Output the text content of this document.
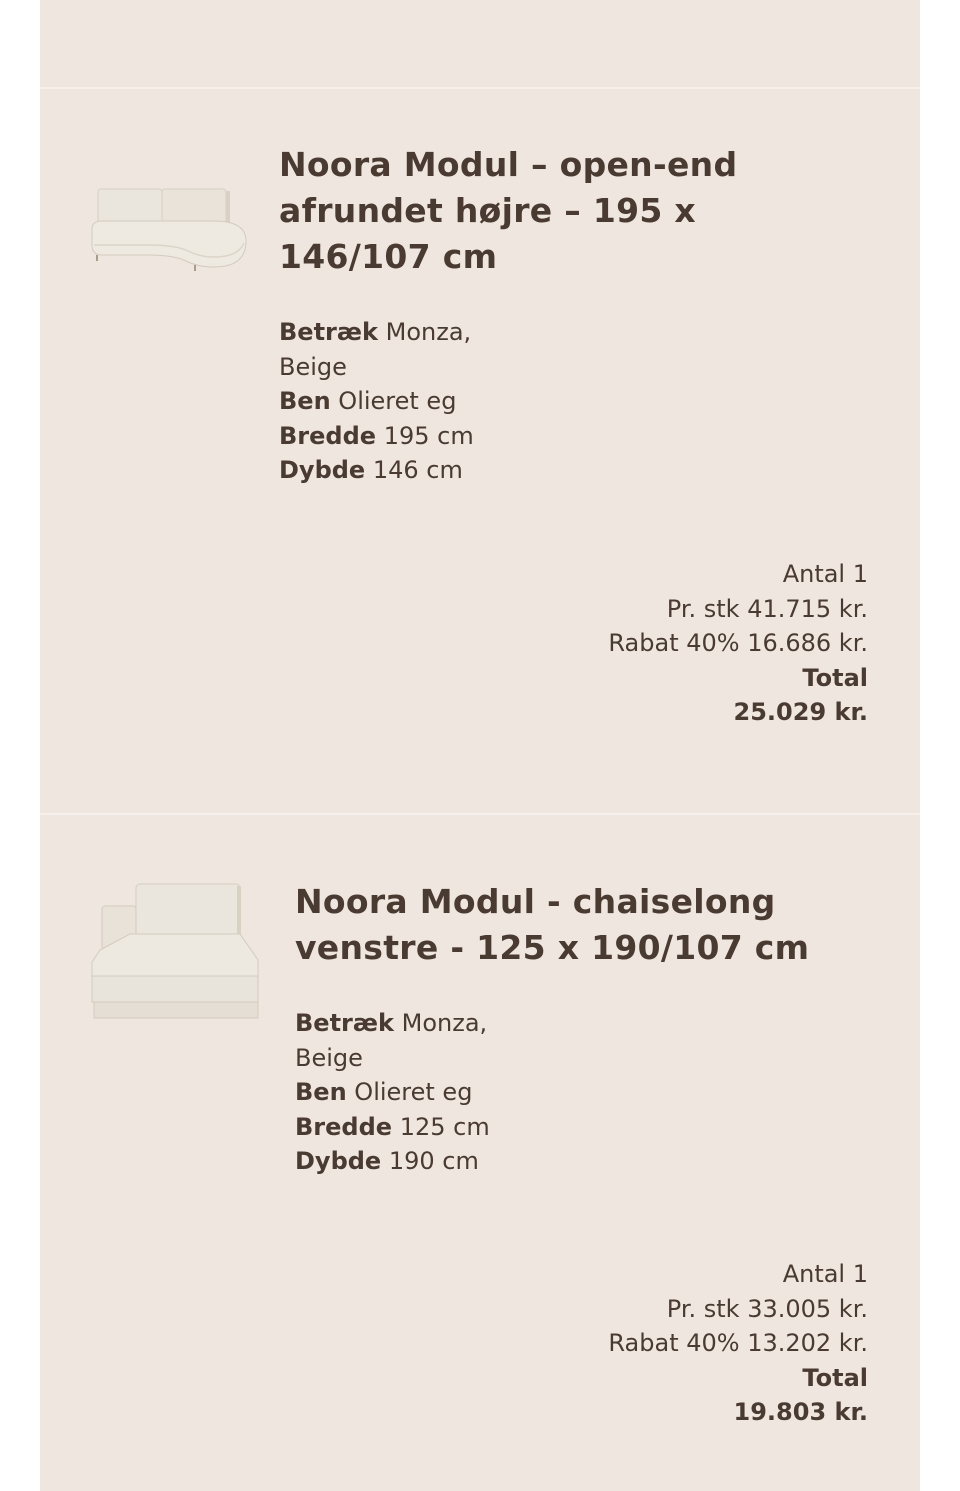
Noora Modul – open-end afrundet højre – 195 x 146/107 cm
Betræk Monza,
Beige
Ben Olieret eg
Bredde 195 cm
Dybde 146 cm
Antal 1
Pr. stk 41.715 kr.
Rabat 40% 16.686 kr.
Total
25.029 kr.
Noora Modul - chaiselong venstre - 125 x 190/107 cm
Betræk Monza,
Beige
Ben Olieret eg
Bredde 125 cm
Dybde 190 cm
Antal 1
Pr. stk 33.005 kr.
Rabat 40% 13.202 kr.
Total
19.803 kr.
